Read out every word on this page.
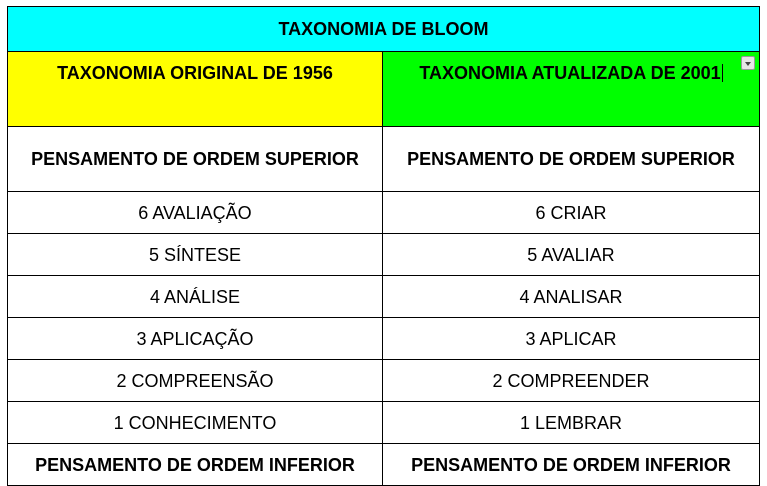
TAXONOMIA DE BLOOM	
TAXONOMIA ORIGINAL DE 1956	TAXONOMIA ATUALIZADA DE 2001

PENSAMENTO DE ORDEM SUPERIOR	PENSAMENTO DE ORDEM SUPERIOR
6 AVALIAÇÃO	6 CRIAR
5 SÍNTESE	5 AVALIAR
4 ANÁLISE	4 ANALISAR
3 APLICAÇÃO	3 APLICAR
2 COMPREENSÃO	2 COMPREENDER
1 CONHECIMENTO	1 LEMBRAR
PENSAMENTO DE ORDEM INFERIOR	PENSAMENTO DE ORDEM INFERIOR
